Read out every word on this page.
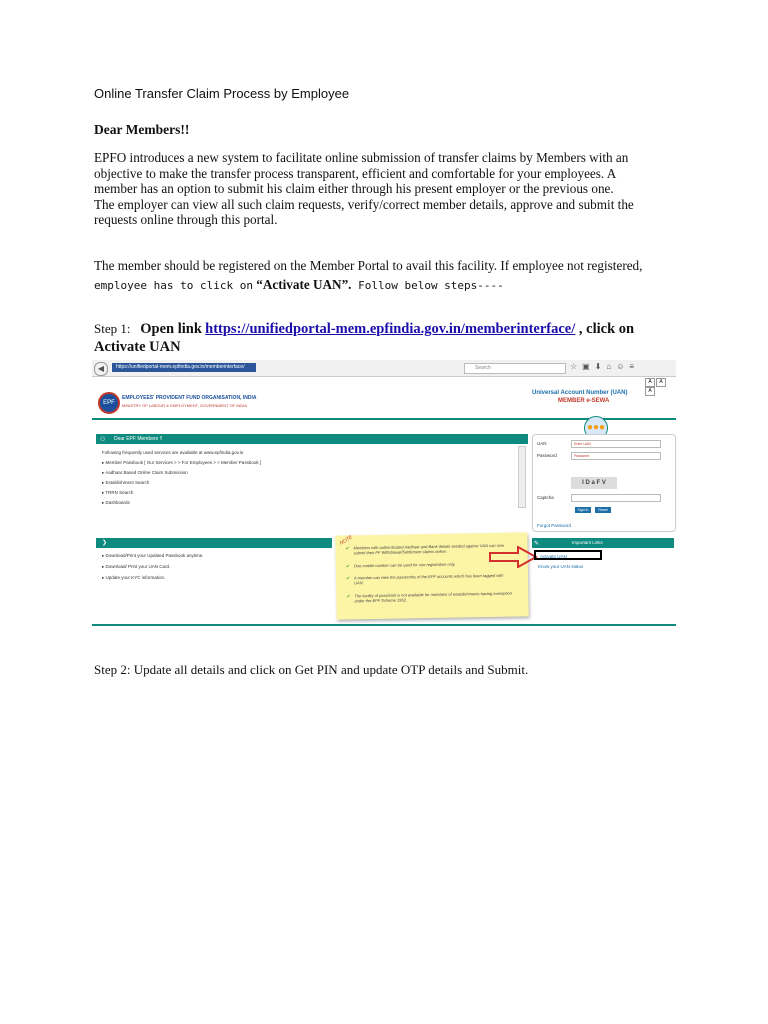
Online Transfer Claim Process by Employee
Dear Members!!
EPFO introduces a new system to facilitate online submission of transfer claims by Members with an
objective to make the transfer process transparent, efficient and comfortable for your employees. A
member has an option to submit his claim either through his present employer or the previous one.
The employer can view all such claim requests, verify/correct member details, approve and submit the
requests online through this portal.
The member should be registered on the Member Portal to avail this facility. If employee not registered,
employee has to click on “Activate UAN”. Follow below steps----
Step 1: Open link https://unifiedportal-mem.epfindia.gov.in/memberinterface/ , click on
Activate UAN
◀	https://unifiedportal-mem.epfindia.gov.in/memberinterface/	Search	☆▣⬇⌂☺≡
A AA
EPF
EMPLOYEES' PROVIDENT FUND ORGANISATION, INDIA
MINISTRY OF LABOUR & EMPLOYMENT, GOVERNMENT OF INDIA
Universal Account Number (UAN)
MEMBER e-SEWA
●●●
⚇ Dear EPF Members !!
Following frequently used services are available at www.epfindia.gov.in
▸ Member Passbook [ Our Services > > For Employees > > Member Passbook ]
▸ Aadhaar Based Online Claim Submission
▸ Establishment Search
▸ TRRN Search
▸ Dashboards
UAN	Enter UAN
Password	Password
I D a F V
Captcha
Sign In	Reset
Forgot Password
❯
▸ Download/Print your Updated Passbook anytime.
▸ Download/ Print your UAN Card.
▸ Update your KYC information.
NOTE
✔ Members with authenticated Aadhaar and Bank details seeded against UAN can now submit their PF Withdrawal/Settlement claims online.
✔ One mobile number can be used for one registration only.
✔ A member can view the passbooks of the EPF accounts which has been tagged with UAN.
✔ The facility of passbook is not available for members of establishments having exemption under the EPF Scheme 1952.
✎	Important Links
Activate UAN
Know your UAN status
Step 2: Update all details and click on Get PIN and update OTP details and Submit.
